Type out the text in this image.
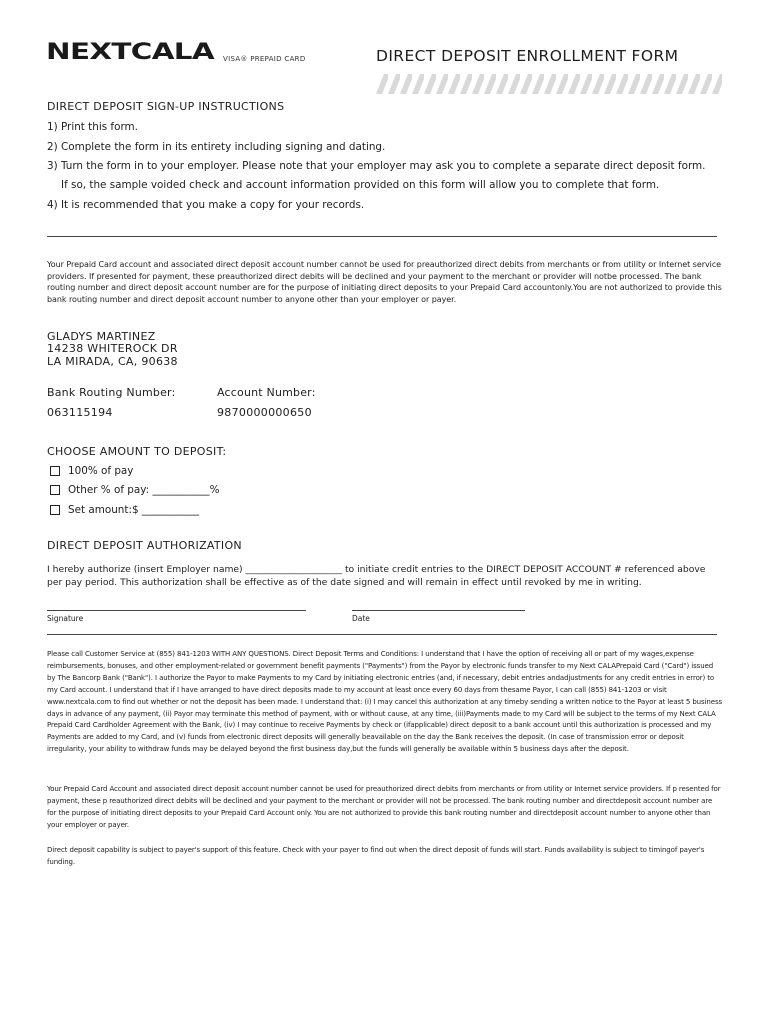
NEXTCALA VISA® PREPAID CARD	DIRECT DEPOSIT ENROLLMENT FORM
DIRECT DEPOSIT SIGN-UP INSTRUCTIONS
1) Print this form.
2) Complete the form in its entirety including signing and dating.
3) Turn the form in to your employer. Please note that your employer may ask you to complete a separate direct deposit form.
If so, the sample voided check and account information provided on this form will allow you to complete that form.
4) It is recommended that you make a copy for your records.
Your Prepaid Card account and associated direct deposit account number cannot be used for preauthorized direct debits from merchants or from utility or Internet service providers. If presented for payment, these preauthorized direct debits will be declined and your payment to the merchant or provider will notbe processed. The bank routing number and direct deposit account number are for the purpose of initiating direct deposits to your Prepaid Card accountonly.You are not authorized to provide this bank routing number and direct deposit account number to anyone other than your employer or payer.
GLADYS MARTINEZ
14238 WHITEROCK DR
LA MIRADA, CA, 90638
Bank Routing Number:
063115194
Account Number:
9870000000650
CHOOSE AMOUNT TO DEPOSIT:
100% of pay
Other % of pay: ___________%
Set amount:$ ___________
DIRECT DEPOSIT AUTHORIZATION
I hereby authorize (insert Employer name) _____________________ to initiate credit entries to the DIRECT DEPOSIT ACCOUNT # referenced above per pay period. This authorization shall be effective as of the date signed and will remain in effect until revoked by me in writing.
Signature	Date

Please call Customer Service at (855) 841-1203 WITH ANY QUESTIONS. Direct Deposit Terms and Conditions: I understand that I have the option of receiving all or part of my wages,expense reimbursements, bonuses, and other employment-related or government benefit payments ("Payments") from the Payor by electronic funds transfer to my Next CALAPrepaid Card ("Card") issued by The Bancorp Bank ("Bank"). I authorize the Payor to make Payments to my Card by initiating electronic entries (and, if necessary, debit entries andadjustments for any credit entries in error) to my Card account. I understand that if I have arranged to have direct deposits made to my account at least once every 60 days from thesame Payor, I can call (855) 841-1203 or visit www.nextcala.com to find out whether or not the deposit has been made. I understand that: (i) I may cancel this authorization at any timeby sending a written notice to the Payor at least 5 business days in advance of any payment, (ii) Payor may terminate this method of payment, with or without cause, at any time, (iii)Payments made to my Card will be subject to the terms of my Next CALA Prepaid Card Cardholder Agreement with the Bank, (iv) I may continue to receive Payments by check or (ifapplicable) direct deposit to a bank account until this authorization is processed and my Payments are added to my Card, and (v) funds from electronic direct deposits will generally beavailable on the day the Bank receives the deposit. (In case of transmission error or deposit irregularity, your ability to withdraw funds may be delayed beyond the first business day,but the funds will generally be available within 5 business days after the deposit.

Your Prepaid Card Account and associated direct deposit account number cannot be used for preauthorized direct debits from merchants or from utility or Internet service providers. If p resented for payment, these p reauthorized direct debits will be declined and your payment to the merchant or provider will not be processed. The bank routing number and directdeposit account number are for the purpose of initiating direct deposits to your Prepaid Card Account only. You are not authorized to provide this bank routing number and directdeposit account number to anyone other than your employer or payer.

Direct deposit capability is subject to payer's support of this feature. Check with your payer to find out when the direct deposit of funds will start. Funds availability is subject to timingof payer's funding.
